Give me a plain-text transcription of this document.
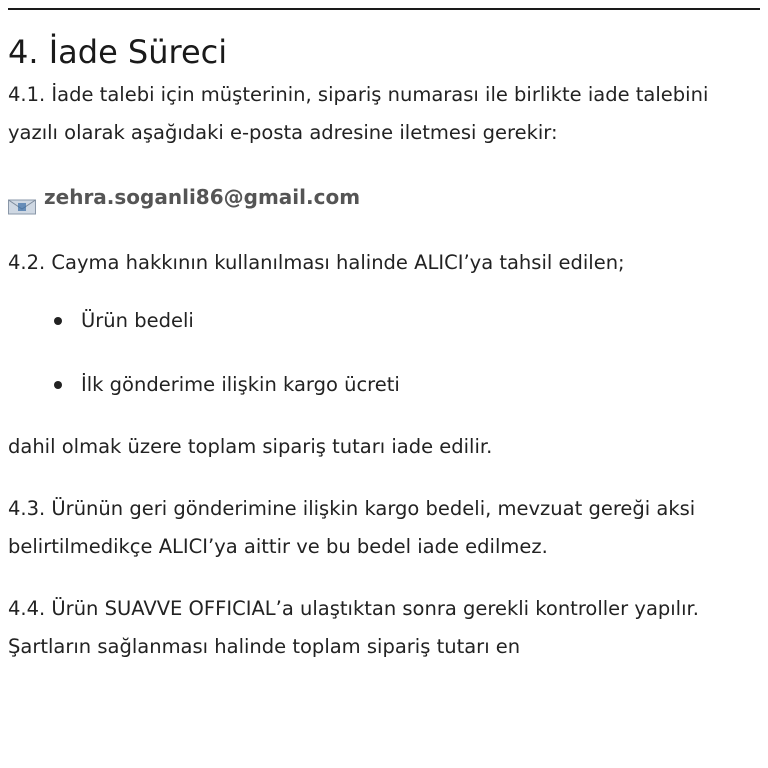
4. İade Süreci

4.1. İade talebi için müşterinin, sipariş numarası ile birlikte iade talebini yazılı olarak aşağıdaki e-posta adresine iletmesi gerekir:

zehra.soganli86@gmail.com

4.2. Cayma hakkının kullanılması halinde ALICI’ya tahsil edilen;

Ürün bedeli
İlk gönderime ilişkin kargo ücreti

dahil olmak üzere toplam sipariş tutarı iade edilir.

4.3. Ürünün geri gönderimine ilişkin kargo bedeli, mevzuat gereği aksi belirtilmedikçe ALICI’ya aittir ve bu bedel iade edilmez.

4.4. Ürün SUAVVE OFFICIAL’a ulaştıktan sonra gerekli kontroller yapılır. Şartların sağlanması halinde toplam sipariş tutarı en
